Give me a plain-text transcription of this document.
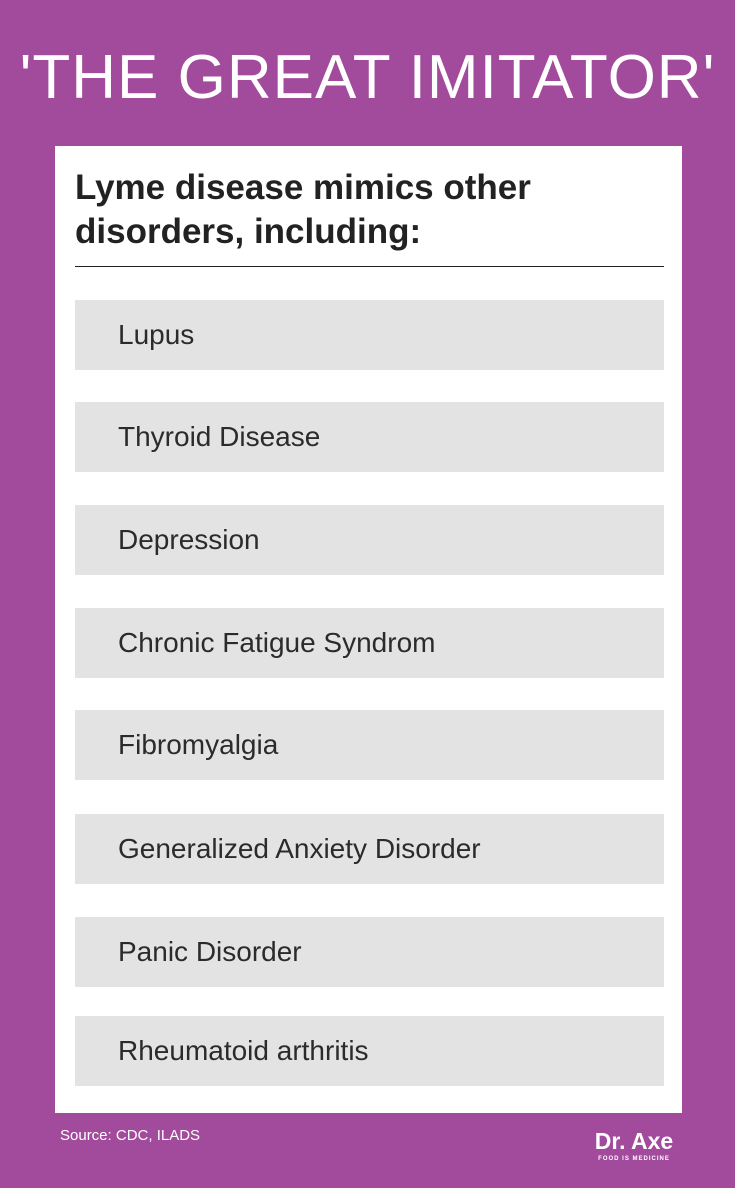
'THE GREAT IMITATOR'
Lyme disease mimics other disorders, including:
Lupus
Thyroid Disease
Depression
Chronic Fatigue Syndrom
Fibromyalgia
Generalized Anxiety Disorder
Panic Disorder
Rheumatoid arthritis
Source: CDC, ILADS	Dr. Axe
FOOD IS MEDICINE
